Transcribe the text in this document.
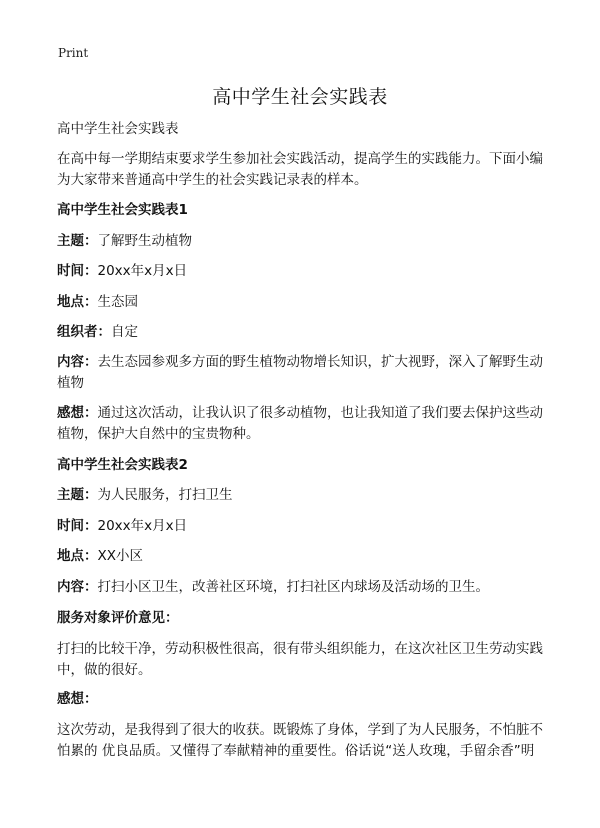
Print
高中学生社会实践表

高中学生社会实践表

在高中每一学期结束要求学生参加社会实践活动，提高学生的实践能力。下面小编为大家带来普通高中学生的社会实践记录表的样本。

高中学生社会实践表1

主题：了解野生动植物

时间：20xx年x月x日

地点：生态园

组织者：自定

内容：去生态园参观多方面的野生植物动物增长知识，扩大视野，深入了解野生动植物

感想：通过这次活动，让我认识了很多动植物，也让我知道了我们要去保护这些动植物，保护大自然中的宝贵物种。

高中学生社会实践表2

主题：为人民服务，打扫卫生

时间：20xx年x月x日

地点：XX小区

内容：打扫小区卫生，改善社区环境，打扫社区内球场及活动场的卫生。

服务对象评价意见：

打扫的比较干净，劳动积极性很高，很有带头组织能力，在这次社区卫生劳动实践中，做的很好。

感想：

这次劳动，是我得到了很大的收获。既锻炼了身体，学到了为人民服务，不怕脏不怕累的 优良品质。又懂得了奉献精神的重要性。俗话说“送人玫瑰，手留余香”明
